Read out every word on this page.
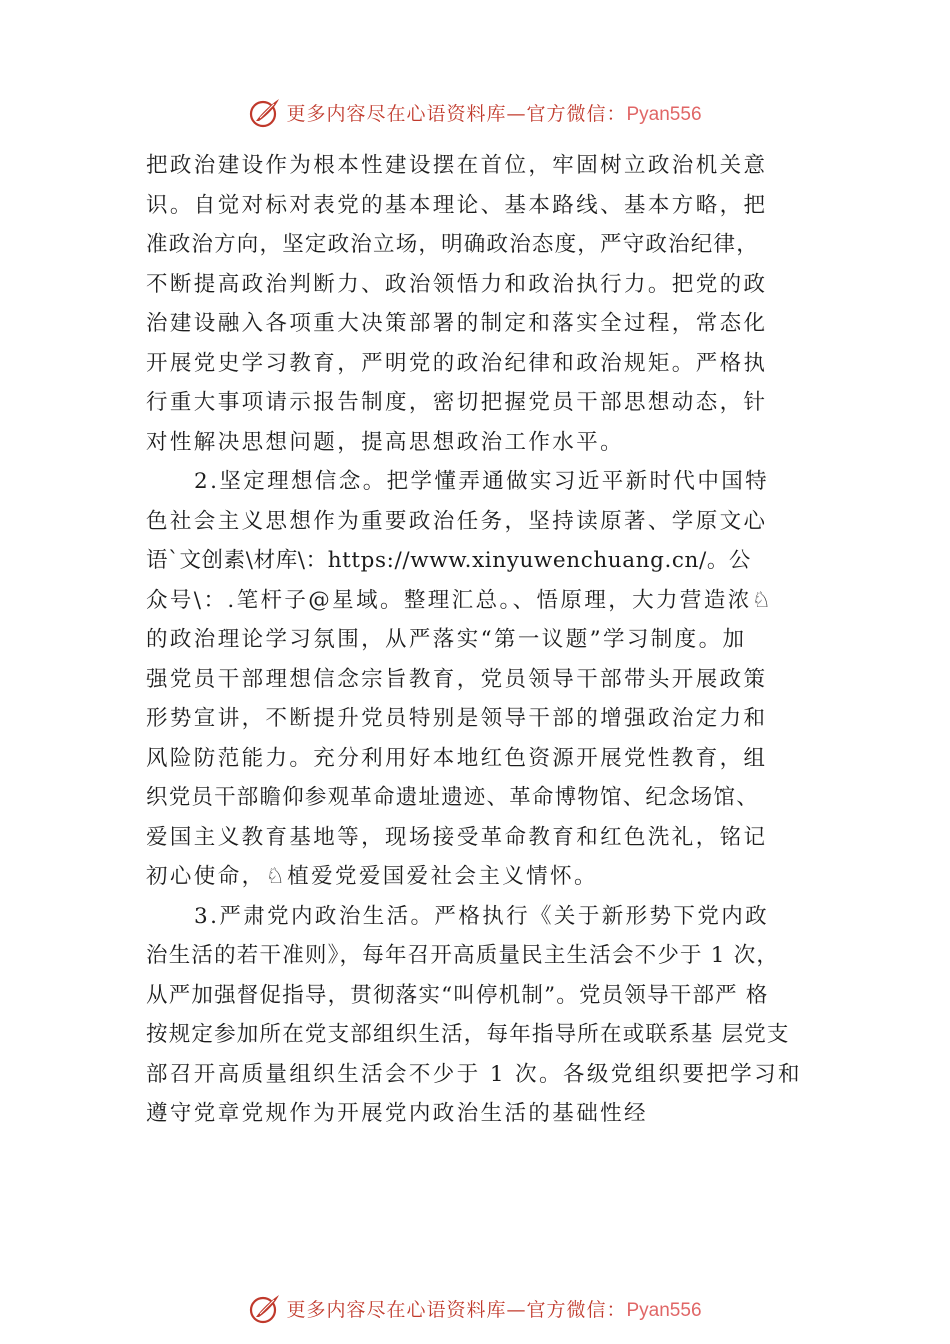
更多内容尽在心语资料库—官方微信：Pyan556
把政治建设作为根本性建设摆在首位，牢固树立政治机关意
识。自觉对标对表党的基本理论、基本路线、基本方略，把
准政治方向，坚定政治立场，明确政治态度，严守政治纪律，
不断提高政治判断力、政治领悟力和政治执行力。把党的政
治建设融入各项重大决策部署的制定和落实全过程，常态化
开展党史学习教育，严明党的政治纪律和政治规矩。严格执
行重大事项请示报告制度，密切把握党员干部思想动态，针
对性解决思想问题，提高思想政治工作水平。
2.坚定理想信念。把学懂弄通做实习近平新时代中国特
色社会主义思想作为重要政治任务，坚持读原著、学原文心
语`文创素\材库\：https://www.xinyuwenchuang.cn/。公
众号\：.笔杆子@星域。整理汇总。、悟原理，大力营造浓♘
的政治理论学习氛围，从严落实“第一议题”学习制度。加
强党员干部理想信念宗旨教育，党员领导干部带头开展政策
形势宣讲，不断提升党员特别是领导干部的增强政治定力和
风险防范能力。充分利用好本地红色资源开展党性教育，组
织党员干部瞻仰参观革命遗址遗迹、革命博物馆、纪念场馆、
爱国主义教育基地等，现场接受革命教育和红色洗礼，铭记
初心使命，♘植爱党爱国爱社会主义情怀。
3.严肃党内政治生活。严格执行《关于新形势下党内政
治生活的若干准则》，每年召开高质量民主生活会不少于 1 次，
从严加强督促指导，贯彻落实“叫停机制”。党员领导干部严 格
按规定参加所在党支部组织生活，每年指导所在或联系基 层党支
部召开高质量组织生活会不少于 1 次。各级党组织要把学习和
遵守党章党规作为开展党内政治生活的基础性经
更多内容尽在心语资料库—官方微信：Pyan556
